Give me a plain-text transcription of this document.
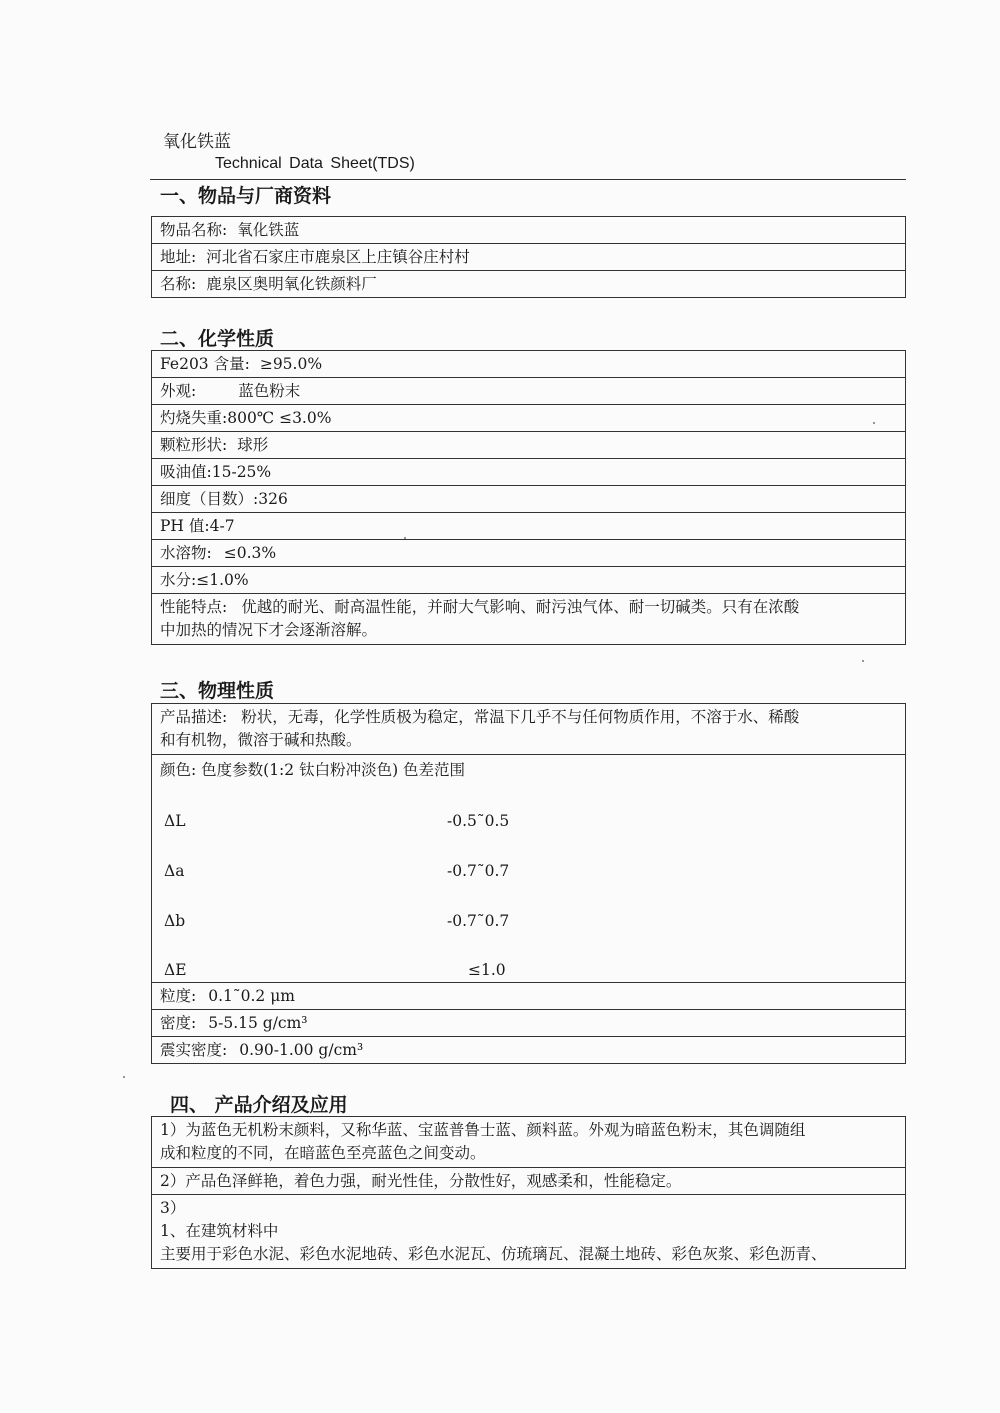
氧化铁蓝
Technical Data Sheet(TDS)
一、物品与厂商资料
物品名称: 氧化铁蓝
地址: 河北省石家庄市鹿泉区上庄镇谷庄村村
名称: 鹿泉区奥明氧化铁颜料厂
二、化学性质
Fe203 含量: ≥95.0%
外观:	蓝色粉末
灼烧失重:800℃ ≤3.0%
颗粒形状: 球形
吸油值:15-25%
细度（目数）:326
PH 值:4-7
水溶物: ≤0.3%
水分:≤1.0%

性能特点: 优越的耐光、耐高温性能，并耐大气影响、耐污浊气体、耐一切碱类。只有在浓酸
中加热的情况下才会逐渐溶解。
三、物理性质
产品描述: 粉状，无毒，化学性质极为稳定，常温下几乎不与任何物质作用，不溶于水、稀酸
和有机物，微溶于碱和热酸。

颜色: 色度参数(1:2 钛白粉冲淡色) 色差范围
ΔL	-0.5˜0.5
Δa	-0.7˜0.7
Δb	-0.7˜0.7
ΔE	≤1.0

粒度: 0.1˜0.2 μm
密度: 5-5.15 g/cm³
震实密度: 0.90-1.00 g/cm³
四、 产品介绍及应用
1）为蓝色无机粉末颜料，又称华蓝、宝蓝普鲁士蓝、颜料蓝。外观为暗蓝色粉末，其色调随组
成和粒度的不同，在暗蓝色至亮蓝色之间变动。

2）产品色泽鲜艳，着色力强，耐光性佳，分散性好，观感柔和，性能稳定。

3）
1、在建筑材料中
主要用于彩色水泥、彩色水泥地砖、彩色水泥瓦、仿琉璃瓦、混凝土地砖、彩色灰浆、彩色沥青、
